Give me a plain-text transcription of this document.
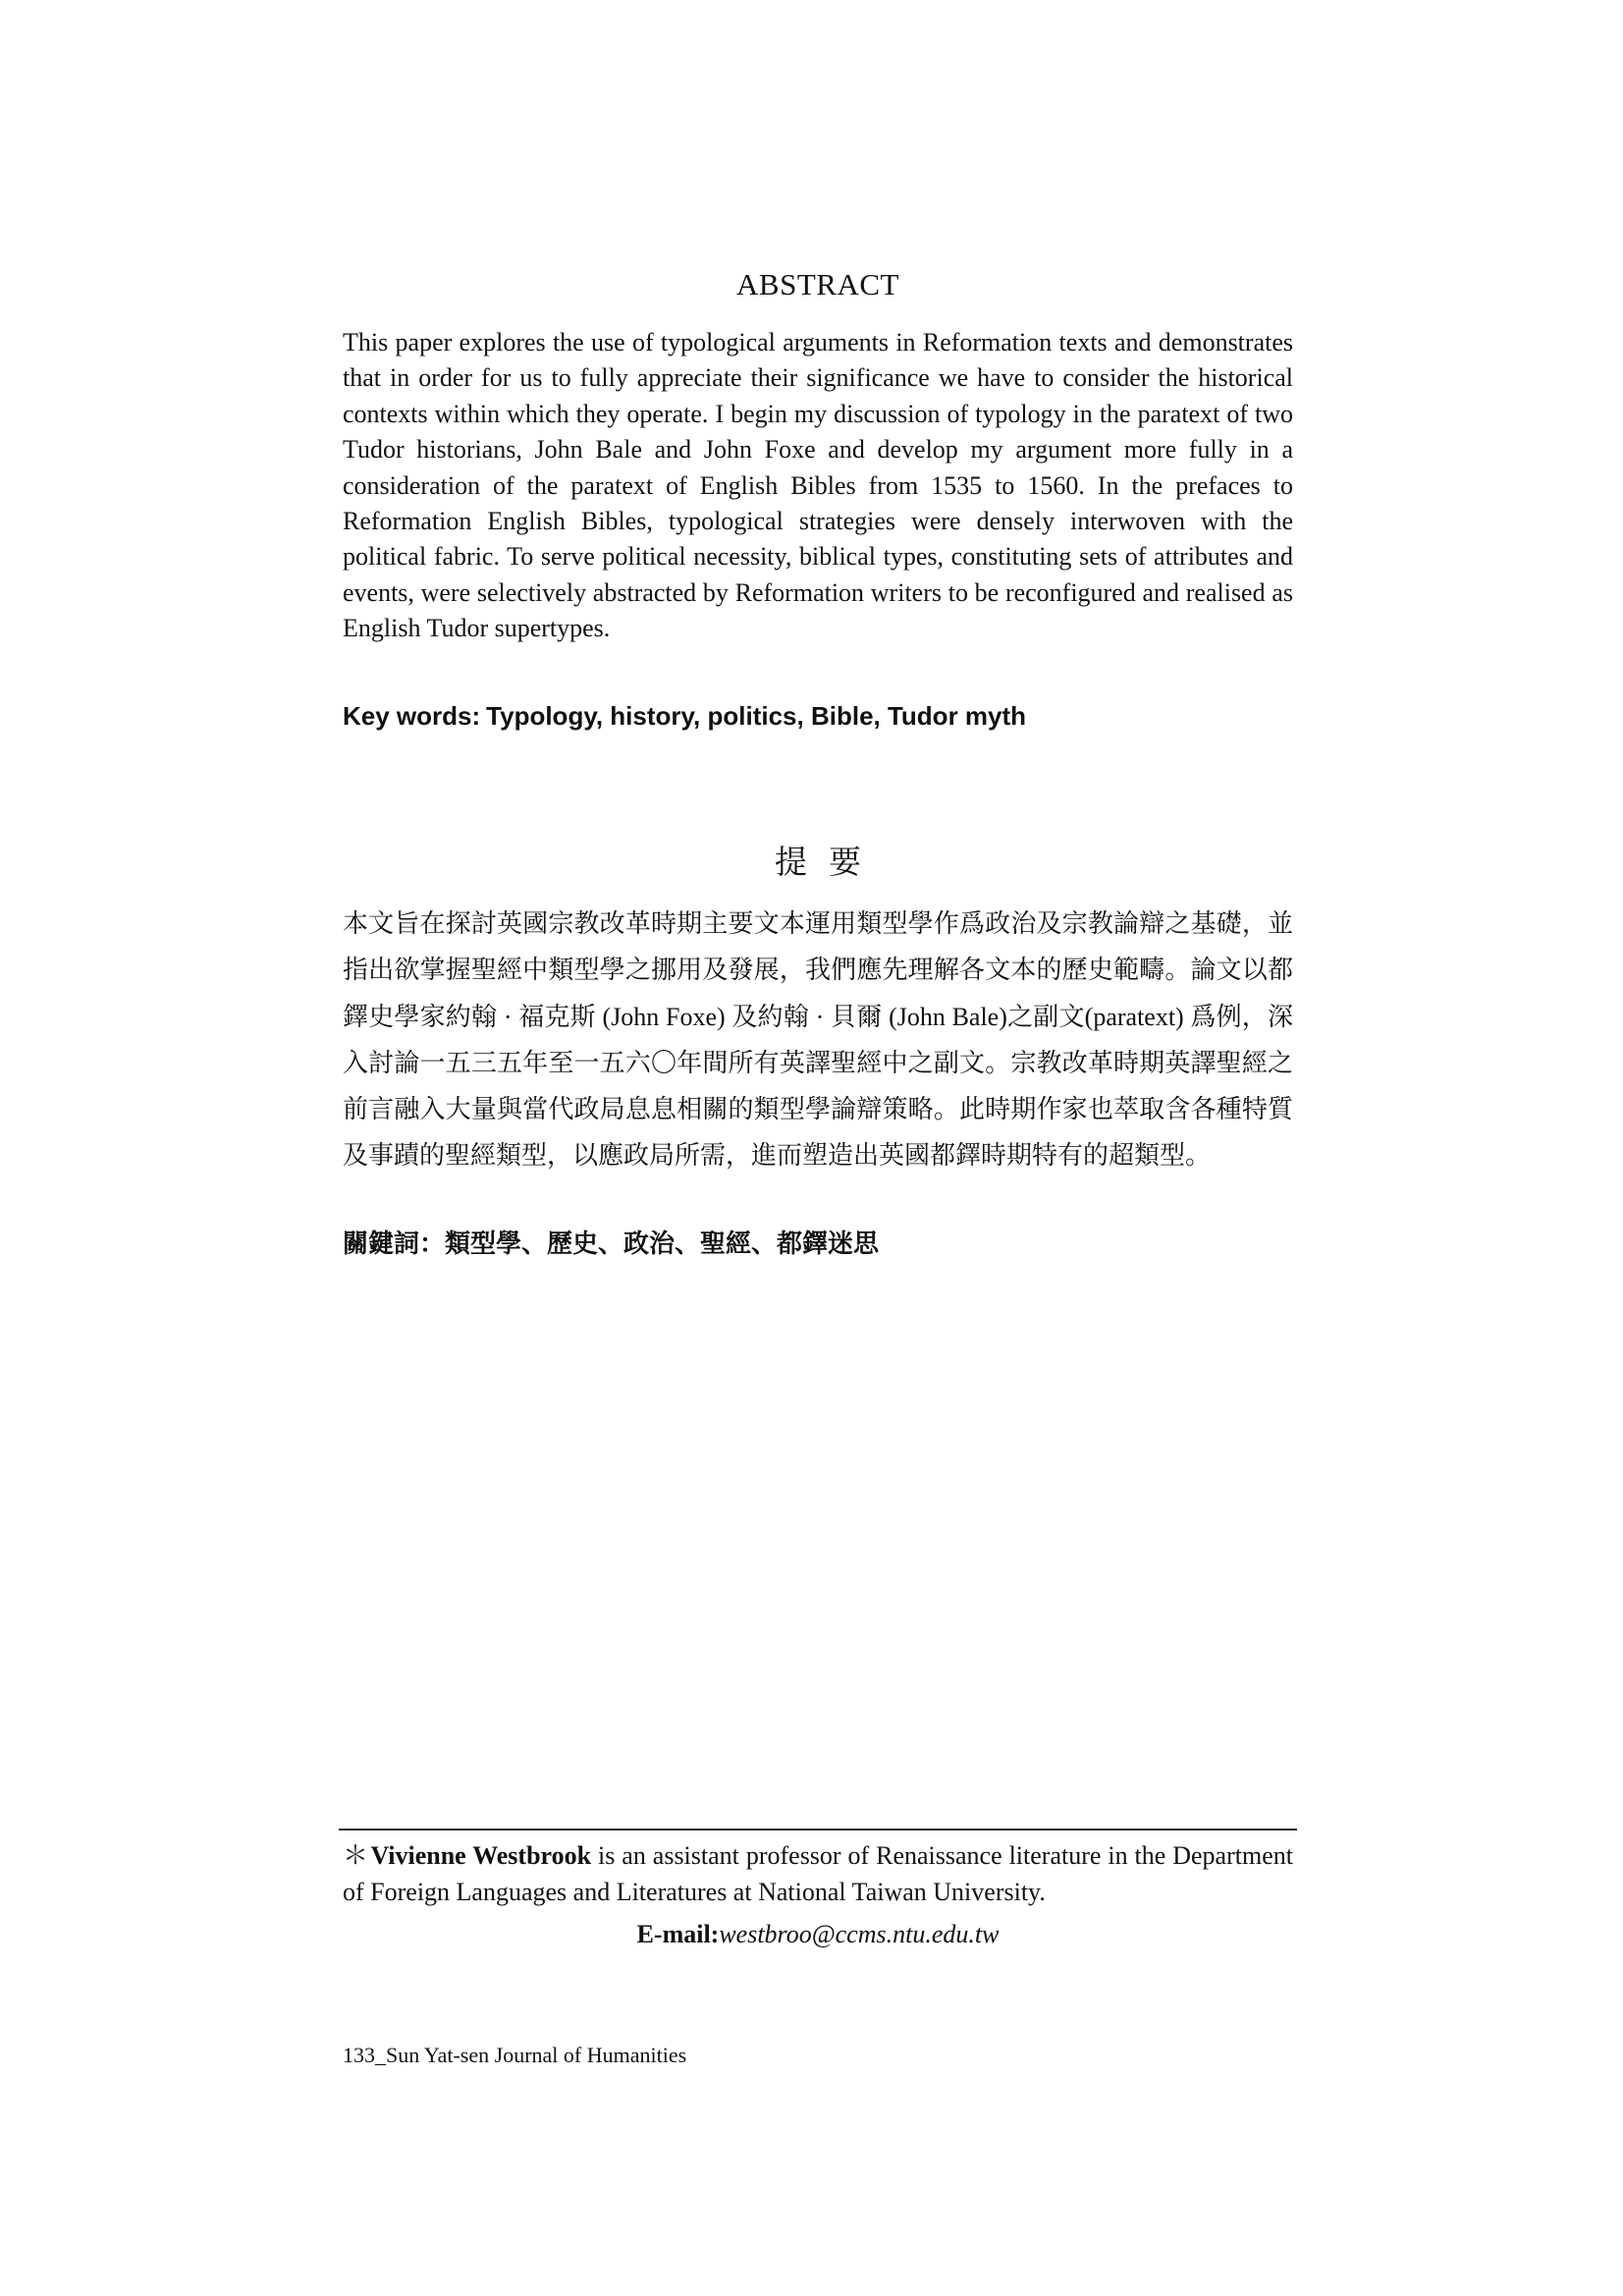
ABSTRACT
This paper explores the use of typological arguments in Reformation texts and demonstrates that in order for us to fully appreciate their significance we have to consider the historical contexts within which they operate. I begin my discussion of typology in the paratext of two Tudor historians, John Bale and John Foxe and develop my argument more fully in a consideration of the paratext of English Bibles from 1535 to 1560. In the prefaces to Reformation English Bibles, typological strategies were densely interwoven with the political fabric. To serve political necessity, biblical types, constituting sets of attributes and events, were selectively abstracted by Reformation writers to be reconfigured and realised as English Tudor supertypes.
Key words: Typology, history, politics, Bible, Tudor myth
提要
本文旨在探討英國宗教改革時期主要文本運用類型學作爲政治及宗教論辯之基礎，並指出欲掌握聖經中類型學之挪用及發展，我們應先理解各文本的歷史範疇。論文以都鐸史學家約翰 · 福克斯 (John Foxe) 及約翰 · 貝爾 (John Bale)之副文(paratext) 爲例，深入討論一五三五年至一五六〇年間所有英譯聖經中之副文。宗教改革時期英譯聖經之前言融入大量與當代政局息息相關的類型學論辯策略。此時期作家也萃取含各種特質及事蹟的聖經類型，以應政局所需，進而塑造出英國都鐸時期特有的超類型。
關鍵詞：類型學、歷史、政治、聖經、都鐸迷思
＊Vivienne Westbrook is an assistant professor of Renaissance literature in the Department of Foreign Languages and Literatures at National Taiwan University.
E-mail:westbroo@ccms.ntu.edu.tw
133_Sun Yat-sen Journal of Humanities
